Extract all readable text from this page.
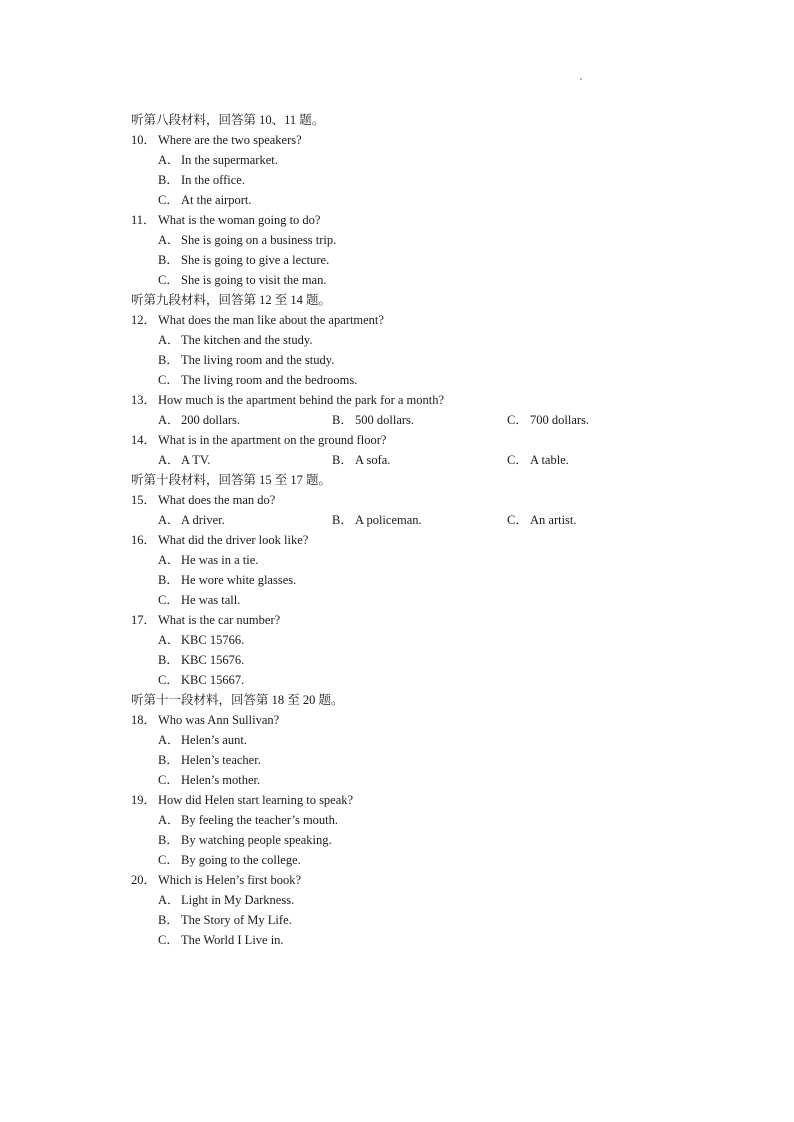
听第八段材料，回答第 10、11 题。
10． Where are the two speakers?
A．In the supermarket.
B． In the office.
C． At the airport.
11． What is the woman going to do?
A．She is going on a business trip.
B． She is going to give a lecture.
C． She is going to visit the man.
听第九段材料，回答第 12 至 14 题。
12． What does the man like about the apartment?
A．The kitchen and the study.
B． The living room and the study.
C． The living room and the bedrooms.
13． How much is the apartment behind the park for a month?
A．200 dollars.	B． 500 dollars.	C． 700 dollars.
14． What is in the apartment on the ground floor?
A．A TV.	B． A sofa.	C． A table.
听第十段材料，回答第 15 至 17 题。
15． What does the man do?
A．A driver.	B． A policeman.	C． An artist.
16． What did the driver look like?
A．He was in a tie.
B． He wore white glasses.
C． He was tall.
17． What is the car number?
A．KBC 15766.
B． KBC 15676.
C． KBC 15667.
听第十一段材料，回答第 18 至 20 题。
18． Who was Ann Sullivan?
A．Helen’s aunt.
B． Helen’s teacher.
C． Helen’s mother.
19． How did Helen start learning to speak?
A．By feeling the teacher’s mouth.
B． By watching people speaking.
C． By going to the college.
20． Which is Helen’s first book?
A．Light in My Darkness.
B． The Story of My Life.
C． The World I Live in.
